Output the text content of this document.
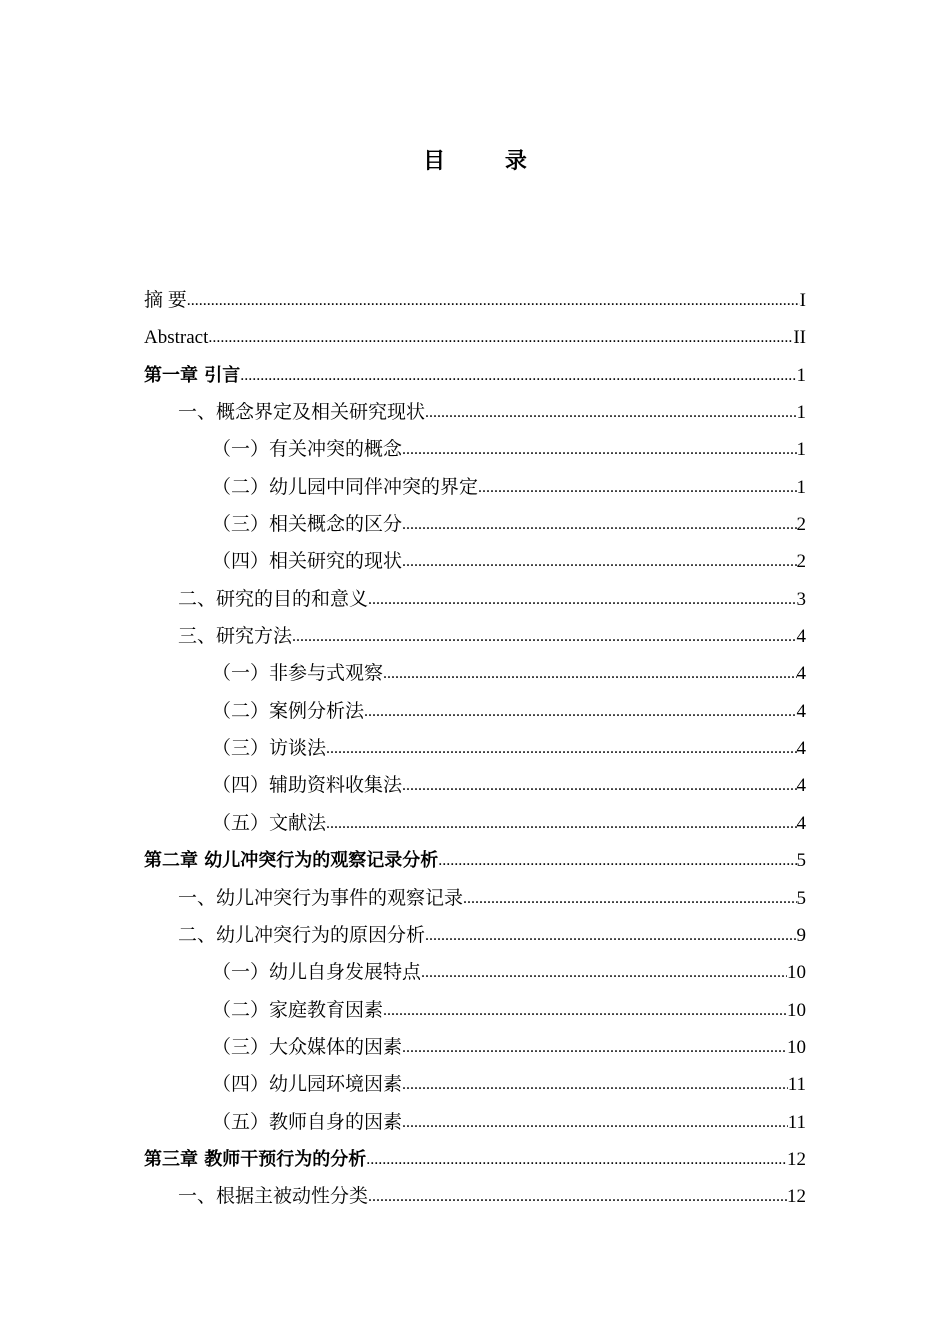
目 录
摘 要 .....	I
Abstract .....	II
第一章 引言 .....	1
一、概念界定及相关研究现状 .....	1
（一）有关冲突的概念 .....	1
（二）幼儿园中同伴冲突的界定 .....	1
（三）相关概念的区分 .....	2
（四）相关研究的现状 .....	2
二、研究的目的和意义 .....	3
三、研究方法 .....	4
（一）非参与式观察 .....	4
（二）案例分析法 .....	4
（三）访谈法 .....	4
（四）辅助资料收集法 .....	4
（五）文献法 .....	4
第二章 幼儿冲突行为的观察记录分析 .....	5
一、幼儿冲突行为事件的观察记录 .....	5
二、幼儿冲突行为的原因分析 .....	9
（一）幼儿自身发展特点 .....	10
（二）家庭教育因素 .....	10
（三）大众媒体的因素 .....	10
（四）幼儿园环境因素 .....	11
（五）教师自身的因素 .....	11
第三章 教师干预行为的分析 .....	12
一、根据主被动性分类 .....	12
